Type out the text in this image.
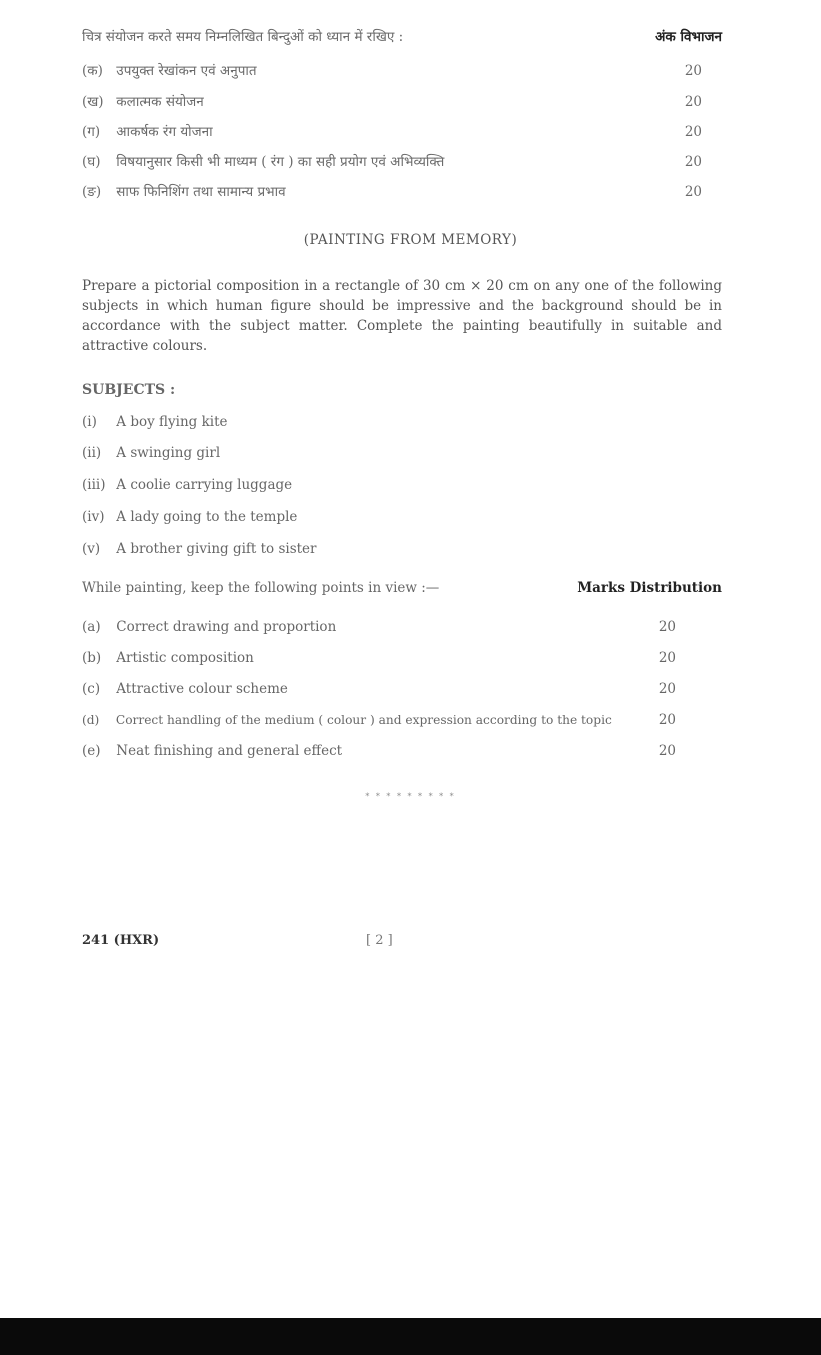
चित्र संयोजन करते समय निम्नलिखित बिन्दुओं को ध्यान में रखिए :	अंक विभाजन
(क) उपयुक्त रेखांकन एवं अनुपात	20
(ख) कलात्मक संयोजन	20
(ग) आकर्षक रंग योजना	20
(घ) विषयानुसार किसी भी माध्यम ( रंग ) का सही प्रयोग एवं अभिव्यक्ति	20
(ङ) साफ फिनिशिंग तथा सामान्य प्रभाव	20
(PAINTING FROM MEMORY)
Prepare a pictorial composition in a rectangle of 30 cm × 20 cm on any one of the following subjects in which human figure should be impressive and the background should be in accordance with the subject matter. Complete the painting beautifully in suitable and attractive colours.
SUBJECTS :
(i) A boy flying kite
(ii) A swinging girl
(iii) A coolie carrying luggage
(iv) A lady going to the temple
(v) A brother giving gift to sister
While painting, keep the following points in view :—	Marks Distribution
(a) Correct drawing and proportion	20
(b) Artistic composition	20
(c) Attractive colour scheme	20
(d) Correct handling of the medium ( colour ) and expression according to the topic	20
(e) Neat finishing and general effect	20
* * * * * * * * *
241 (HXR)	[ 2 ]
